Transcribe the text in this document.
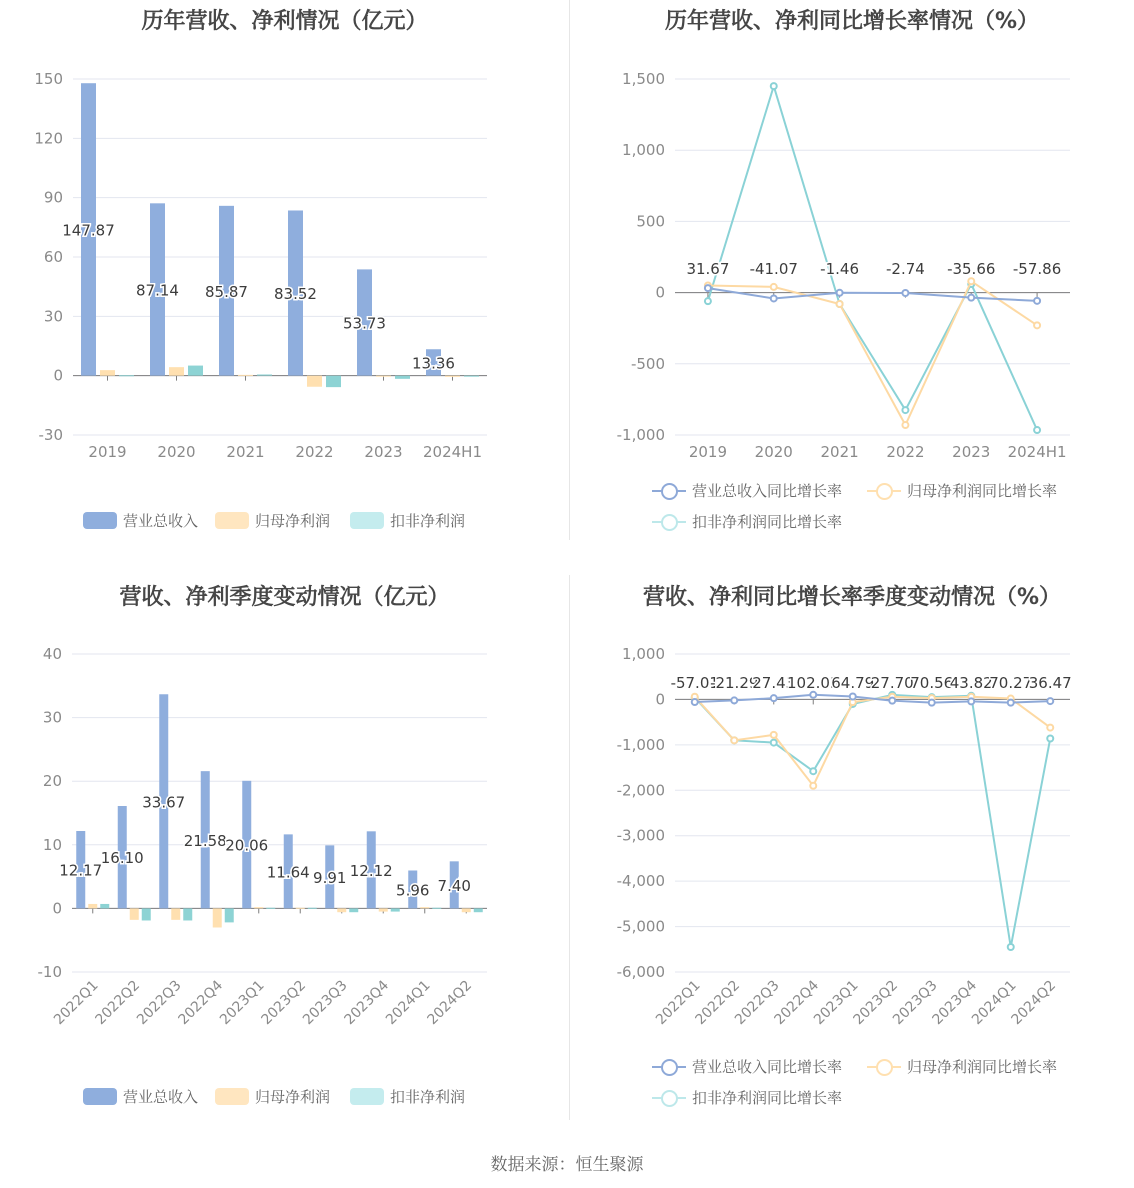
历年营收、净利情况（亿元）
-30
0
30
60
90
120
150
2019 2020 2021 2022 2023 2024H1
147.87
87.14 85.87 83.52
53.73
13.36
营业总收入	归母净利润	扣非净利润
历年营收、净利同比增长率情况（%）
-1,000
-500
0
500
1,000
1,500
2019 2020 2021 2022 2023 2024H1
31.67 -41.07 -1.46 -2.74 -35.66 -57.86
营业总收入同比增长率	归母净利润同比增长率
扣非净利润同比增长率
营收、净利季度变动情况（亿元）
-10
0
10
20
30
40
2022Q1
2022Q2
2022Q3
2022Q4
2023Q1
2023Q2
2023Q3
2023Q4
2024Q1
2024Q2
12.17
16.10
33.67
21.58
20.06
11.64 9.91 12.12
5.96 7.40
营业总收入	归母净利润	扣非净利润
营收、净利同比增长率季度变动情况（%）
-6,000
-5,000
-4,000
-3,000
-2,000
-1,000
0
1,000
2022Q1
2022Q2
2022Q3
2022Q4
2023Q1
2023Q2
2023Q3
2023Q4
2024Q1
2024Q2
-57.01
-21.29
27.43
102.03
64.79
27.70
70.56
43.82
70.27
36.47
营业总收入同比增长率	归母净利润同比增长率
扣非净利润同比增长率
数据来源：恒生聚源
